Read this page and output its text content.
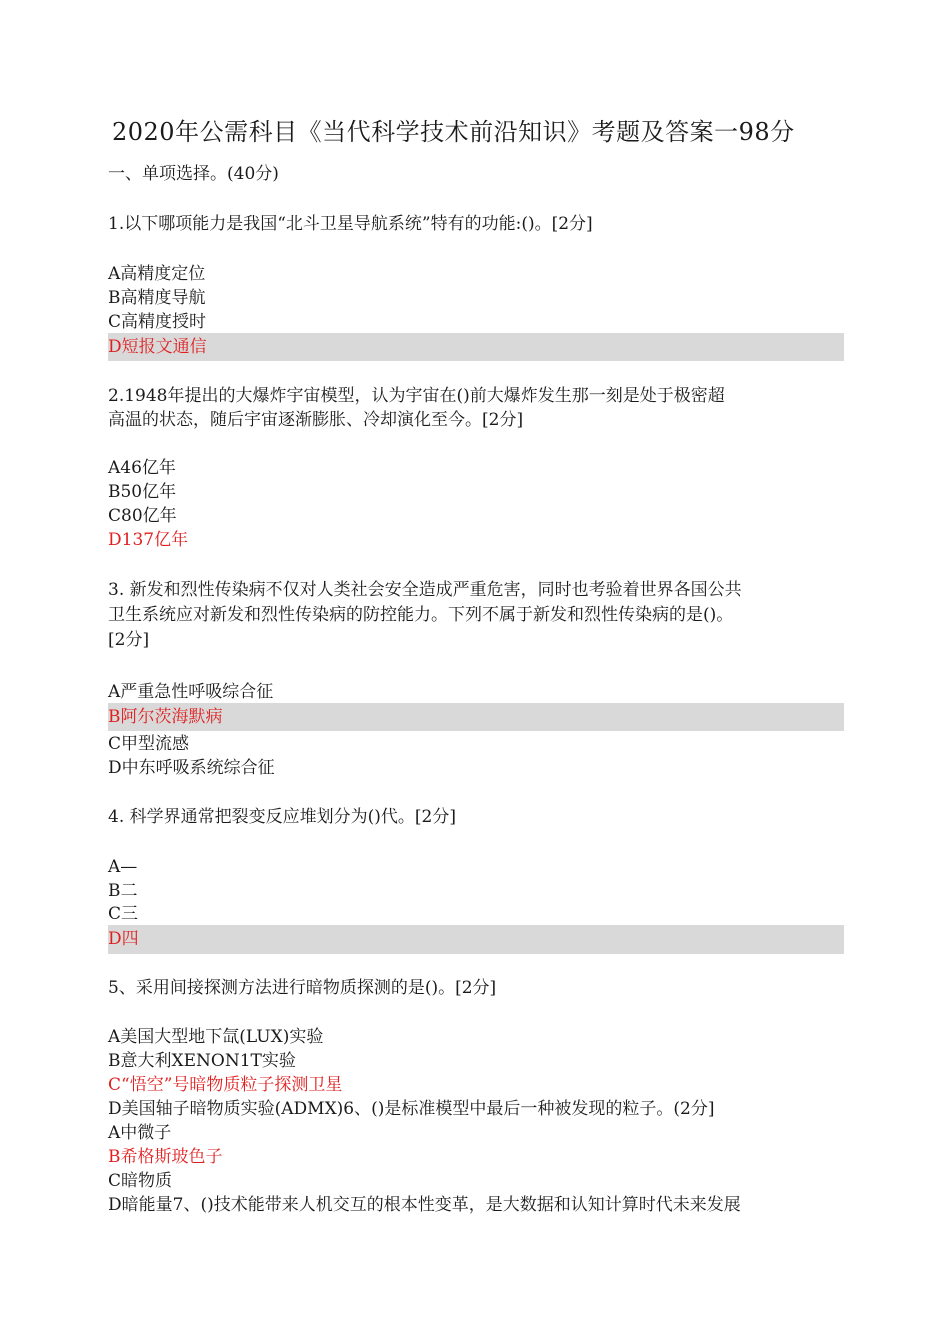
2020年公需科目《当代科学技术前沿知识》考题及答案一98分
一、单项选择。(40分)
1.以下哪项能力是我国“北斗卫星导航系统”特有的功能:()。[2分]
A高精度定位
B高精度导航
C高精度授时
D短报文通信
2.1948年提出的大爆炸宇宙模型，认为宇宙在()前大爆炸发生那一刻是处于极密超
高温的状态，随后宇宙逐渐膨胀、冷却演化至今。[2分]
A46亿年
B50亿年
C80亿年
D137亿年
3. 新发和烈性传染病不仅对人类社会安全造成严重危害，同时也考验着世界各国公共
卫生系统应对新发和烈性传染病的防控能力。下列不属于新发和烈性传染病的是()。
[2分]
A严重急性呼吸综合征
B阿尔茨海默病
C甲型流感
D中东呼吸系统综合征
4. 科学界通常把裂变反应堆划分为()代。[2分]
A—
B二
C三
D四
5、采用间接探测方法进行暗物质探测的是()。[2分]
A美国大型地下氙(LUX)实验
B意大利XENON1T实验
C“悟空”号暗物质粒子探测卫星
D美国轴子暗物质实验(ADMX)6、()是标准模型中最后一种被发现的粒子。(2分]
A中微子
B希格斯玻色子
C暗物质
D暗能量7、()技术能带来人机交互的根本性变革，是大数据和认知计算时代未来发展
